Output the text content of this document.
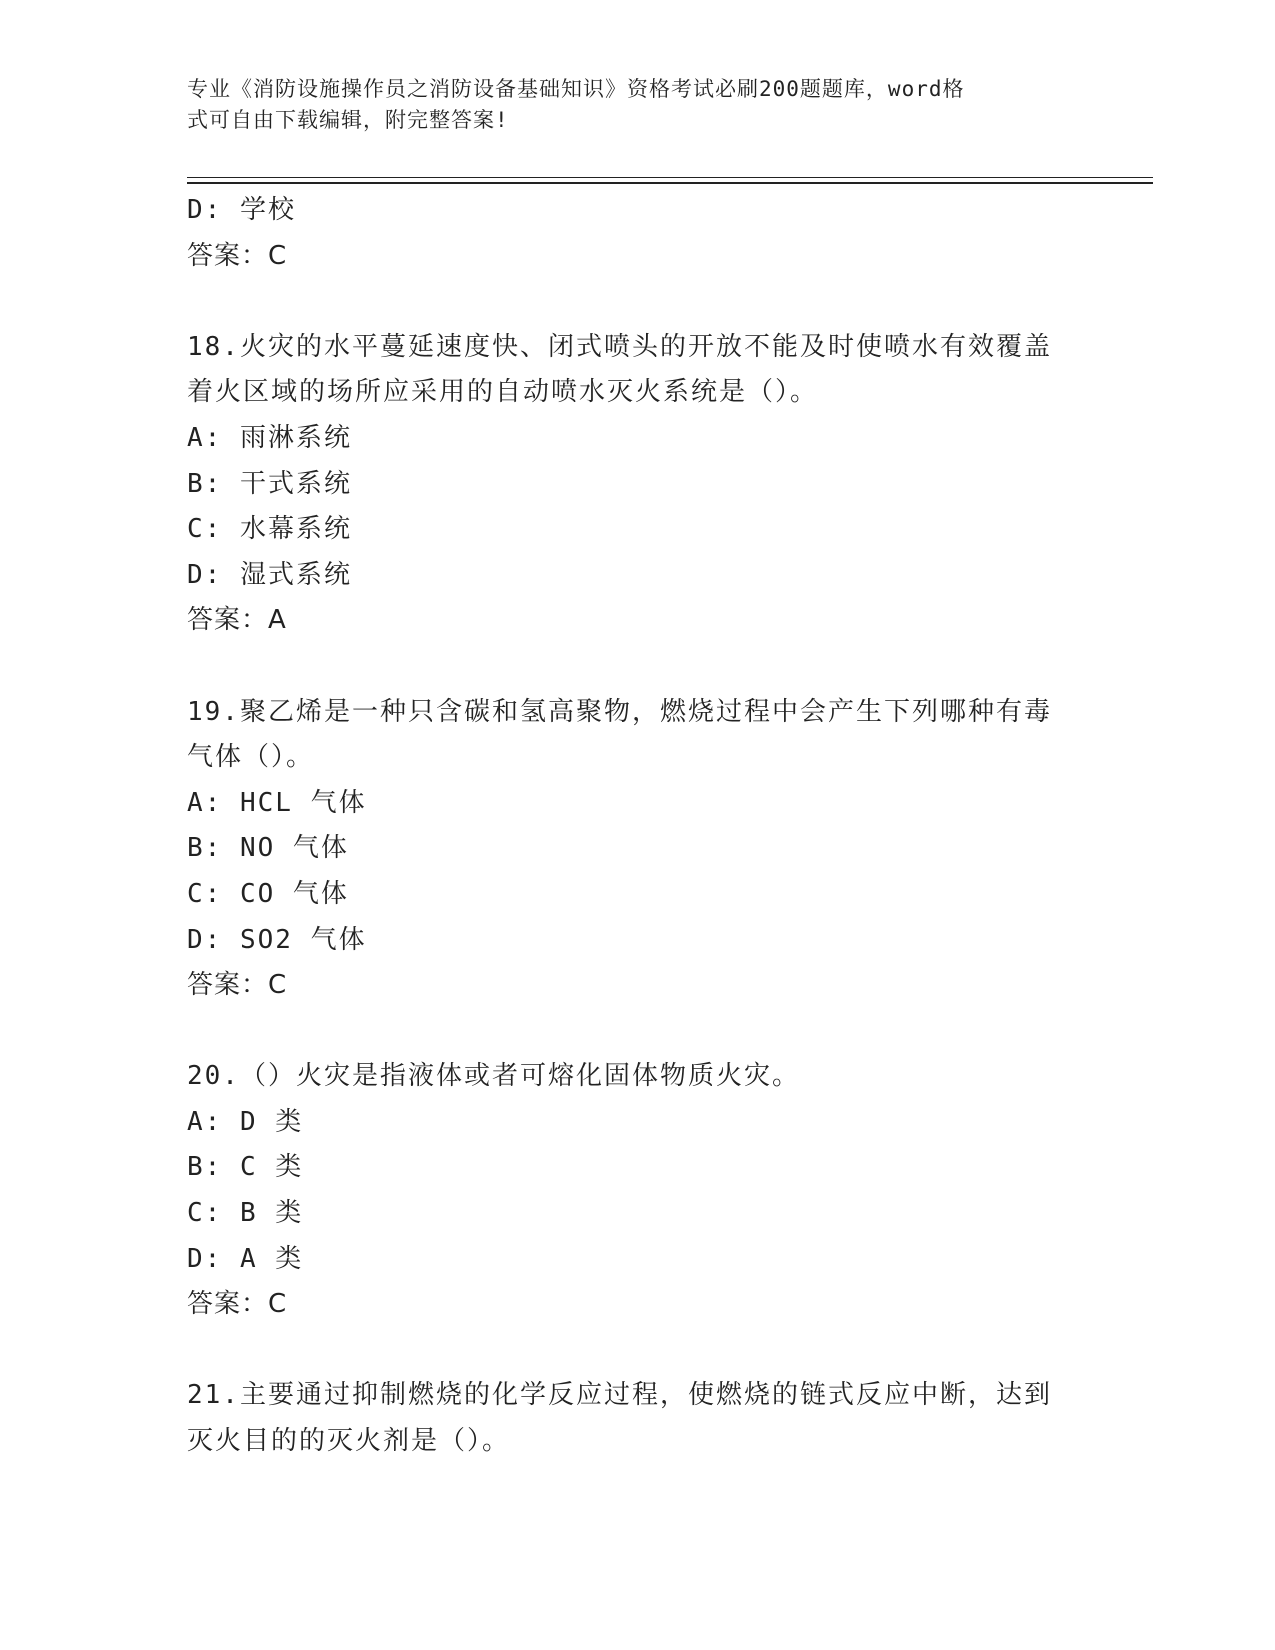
专业《消防设施操作员之消防设备基础知识》资格考试必刷200题题库，word格
式可自由下载编辑，附完整答案!
D: 学校
答案：C
18.火灾的水平蔓延速度快、闭式喷头的开放不能及时使喷水有效覆盖
着火区域的场所应采用的自动喷水灭火系统是（）。
A: 雨淋系统
B: 干式系统
C: 水幕系统
D: 湿式系统
答案：A
19.聚乙烯是一种只含碳和氢高聚物，燃烧过程中会产生下列哪种有毒
气体（）。
A: HCL 气体
B: NO 气体
C: CO 气体
D: SO2 气体
答案：C
20.（）火灾是指液体或者可熔化固体物质火灾。
A: D 类
B: C 类
C: B 类
D: A 类
答案：C
21.主要通过抑制燃烧的化学反应过程，使燃烧的链式反应中断，达到
灭火目的的灭火剂是（）。
